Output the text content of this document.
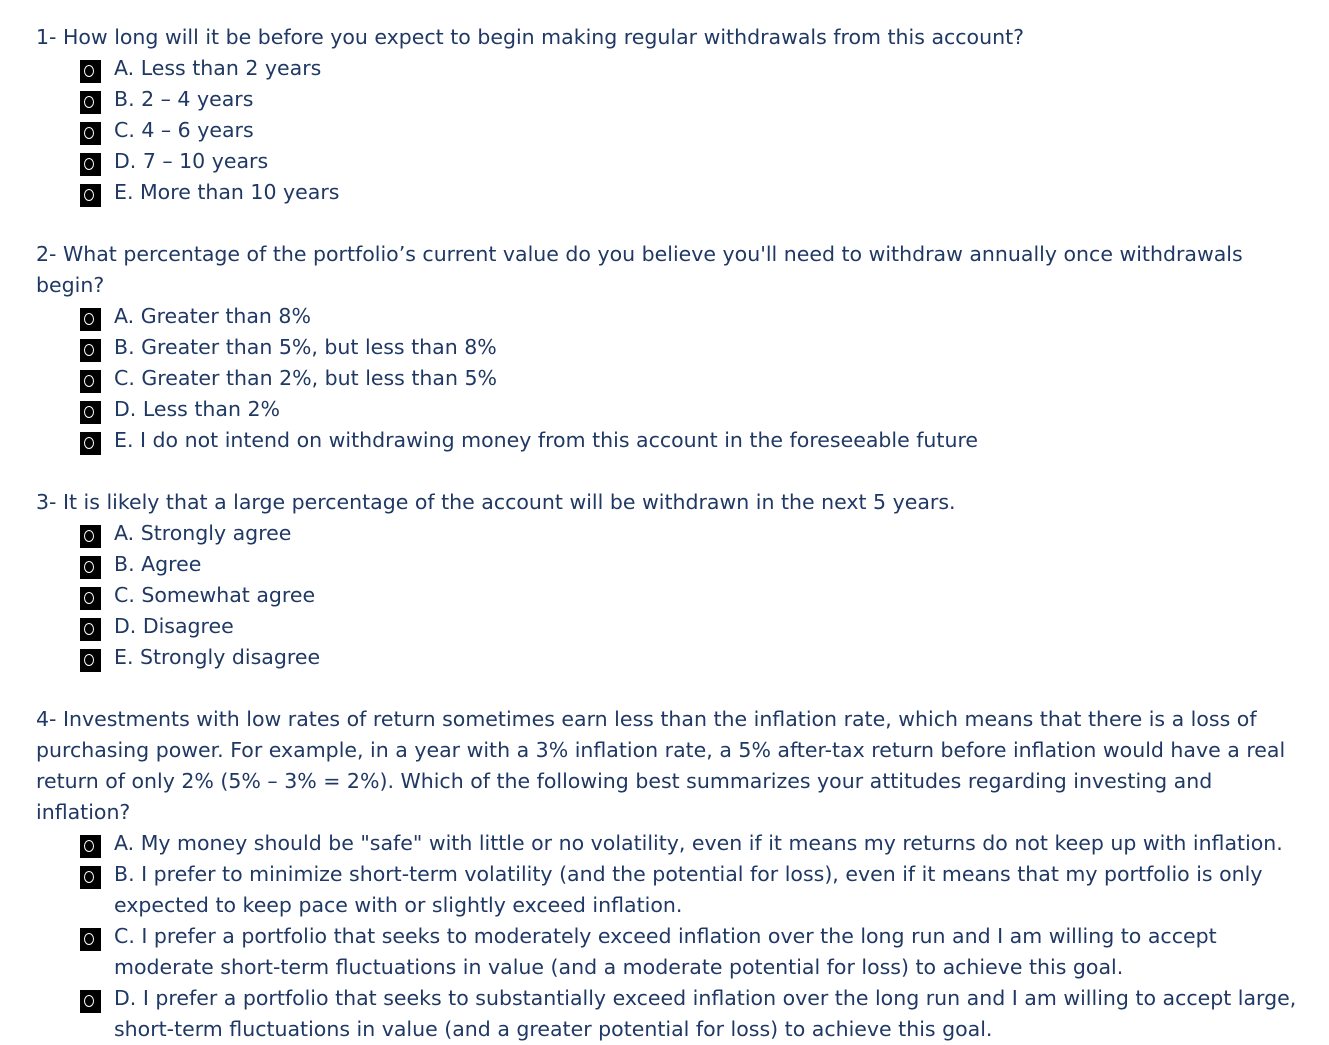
1- How long will it be before you expect to begin making regular withdrawals from this account?

A. Less than 2 years
B. 2 – 4 years
C. 4 – 6 years
D. 7 – 10 years
E. More than 10 years

2- What percentage of the portfolio’s current value do you believe you'll need to withdraw annually once withdrawals begin?

A. Greater than 8%
B. Greater than 5%, but less than 8%
C. Greater than 2%, but less than 5%
D. Less than 2%
E. I do not intend on withdrawing money from this account in the foreseeable future

3- It is likely that a large percentage of the account will be withdrawn in the next 5 years.

A. Strongly agree
B. Agree
C. Somewhat agree
D. Disagree
E. Strongly disagree

4- Investments with low rates of return sometimes earn less than the inflation rate, which means that there is a loss of purchasing power. For example, in a year with a 3% inflation rate, a 5% after-tax return before inflation would have a real return of only 2% (5% – 3% = 2%). Which of the following best summarizes your attitudes regarding investing and inflation?

A. My money should be "safe" with little or no volatility, even if it means my returns do not keep up with inflation.
B. I prefer to minimize short-term volatility (and the potential for loss), even if it means that my portfolio is only expected to keep pace with or slightly exceed inflation.
C. I prefer a portfolio that seeks to moderately exceed inflation over the long run and I am willing to accept moderate short-term fluctuations in value (and a moderate potential for loss) to achieve this goal.
D. I prefer a portfolio that seeks to substantially exceed inflation over the long run and I am willing to accept large, short-term fluctuations in value (and a greater potential for loss) to achieve this goal.
